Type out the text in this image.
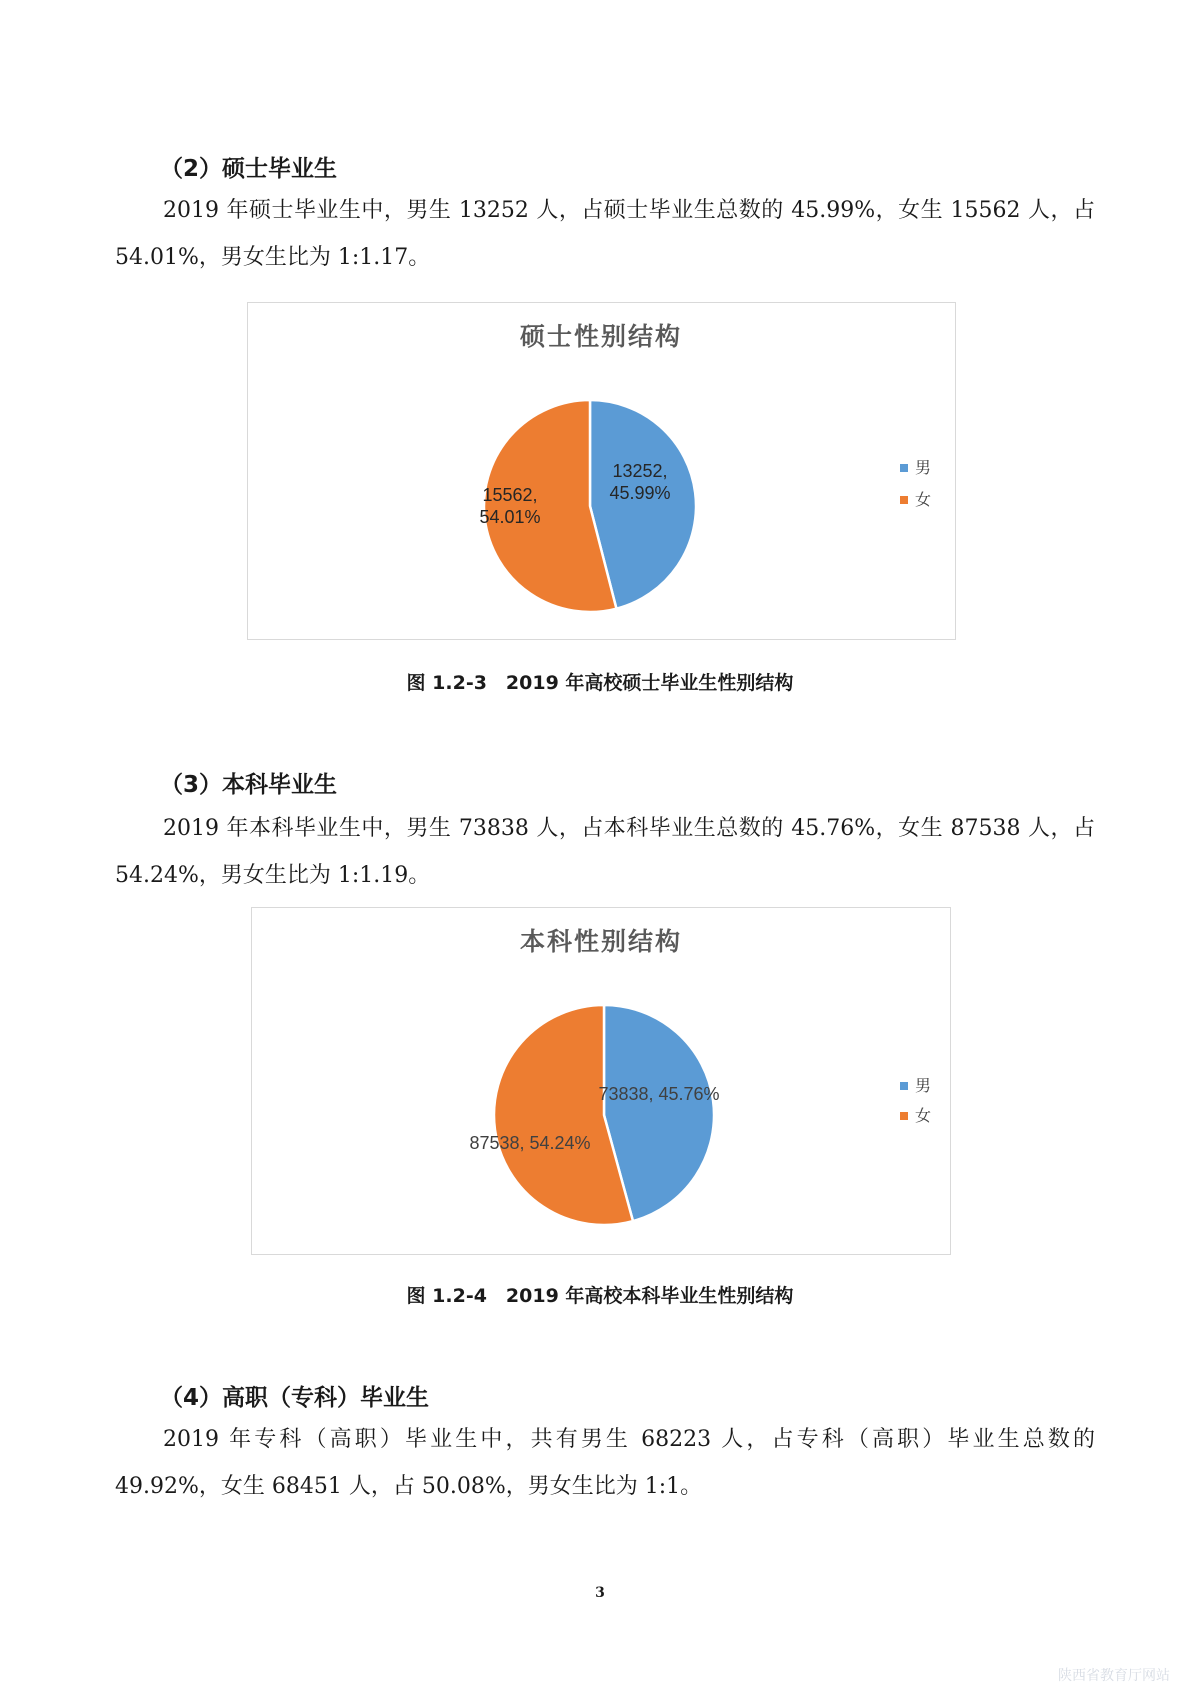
（2）硕士毕业生

2019 年硕士毕业生中，男生 13252 人，占硕士毕业生总数的 45.99%，女生 15562 人，占 54.01%，男女生比为 1:1.17。

硕士性别结构
13252, 45.99%
15562, 54.01%
男
女

图 1.2-3　2019 年高校硕士毕业生性别结构

（3）本科毕业生

2019 年本科毕业生中，男生 73838 人，占本科毕业生总数的 45.76%，女生 87538 人，占 54.24%，男女生比为 1:1.19。

本科性别结构
73838, 45.76%
87538, 54.24%
男
女

图 1.2-4　2019 年高校本科毕业生性别结构

（4）高职（专科）毕业生

2019 年专科（高职）毕业生中，共有男生 68223 人，占专科（高职）毕业生总数的 49.92%，女生 68451 人，占 50.08%，男女生比为 1:1。

3
陕西省教育厅网站
